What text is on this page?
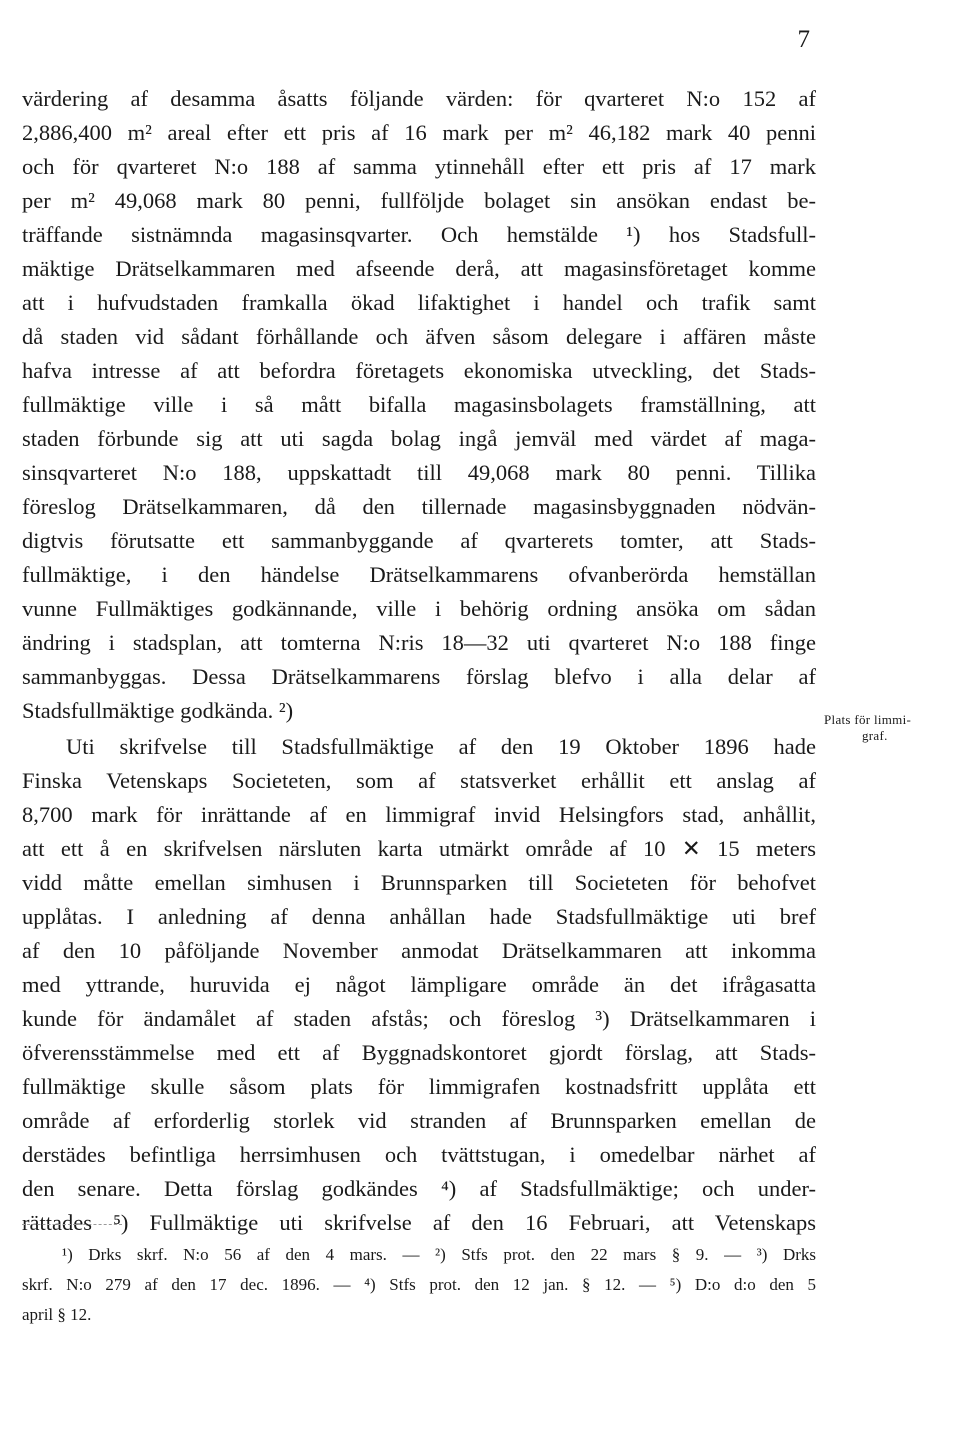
7
värdering af desamma åsatts följande värden: för qvarteret N:o 152 af
2,886,400 m² areal efter ett pris af 16 mark per m² 46,182 mark 40 penni
och för qvarteret N:o 188 af samma ytinnehåll efter ett pris af 17 mark
per m² 49,068 mark 80 penni, fullföljde bolaget sin ansökan endast be-
träffande sistnämnda magasinsqvarter. Och hemstälde ¹) hos Stadsfull-
mäktige Drätselkammaren med afseende derå, att magasinsföretaget komme
att i hufvudstaden framkalla ökad lifaktighet i handel och trafik samt
då staden vid sådant förhållande och äfven såsom delegare i affären måste
hafva intresse af att befordra företagets ekonomiska utveckling, det Stads-
fullmäktige ville i så mått bifalla magasinsbolagets framställning, att
staden förbunde sig att uti sagda bolag ingå jemväl med värdet af maga-
sinsqvarteret N:o 188, uppskattadt till 49,068 mark 80 penni. Tillika
föreslog Drätselkammaren, då den tillernade magasinsbyggnaden nödvän-
digtvis förutsatte ett sammanbyggande af qvarterets tomter, att Stads-
fullmäktige, i den händelse Drätselkammarens ofvanberörda hemställan
vunne Fullmäktiges godkännande, ville i behörig ordning ansöka om sådan
ändring i stadsplan, att tomterna N:ris 18—32 uti qvarteret N:o 188 finge
sammanbyggas. Dessa Drätselkammarens förslag blefvo i alla delar af
Stadsfullmäktige godkända. ²)
Uti skrifvelse till Stadsfullmäktige af den 19 Oktober 1896 hade
Finska Vetenskaps Societeten, som af statsverket erhållit ett anslag af
8,700 mark för inrättande af en limmigraf invid Helsingfors stad, anhållit,
att ett å en skrifvelsen närsluten karta utmärkt område af 10 ✕ 15 meters
vidd måtte emellan simhusen i Brunnsparken till Societeten för behofvet
upplåtas. I anledning af denna anhållan hade Stadsfullmäktige uti bref
af den 10 påföljande November anmodat Drätselkammaren att inkomma
med yttrande, huruvida ej något lämpligare område än det ifrågasatta
kunde för ändamålet af staden afstås; och föreslog ³) Drätselkammaren i
öfverensstämmelse med ett af Byggnadskontoret gjordt förslag, att Stads-
fullmäktige skulle såsom plats för limmigrafen kostnadsfritt upplåta ett
område af erforderlig storlek vid stranden af Brunnsparken emellan de
derstädes befintliga herrsimhusen och tvättstugan, i omedelbar närhet af
den senare. Detta förslag godkändes ⁴) af Stadsfullmäktige; och under-
rättades ⁵) Fullmäktige uti skrifvelse af den 16 Februari, att Vetenskaps
Plats för limmi-
graf.
¹) Drks skrf. N:o 56 af den 4 mars. — ²) Stfs prot. den 22 mars § 9. — ³) Drks
skrf. N:o 279 af den 17 dec. 1896. — ⁴) Stfs prot. den 12 jan. § 12. — ⁵) D:o d:o den 5
april § 12.
